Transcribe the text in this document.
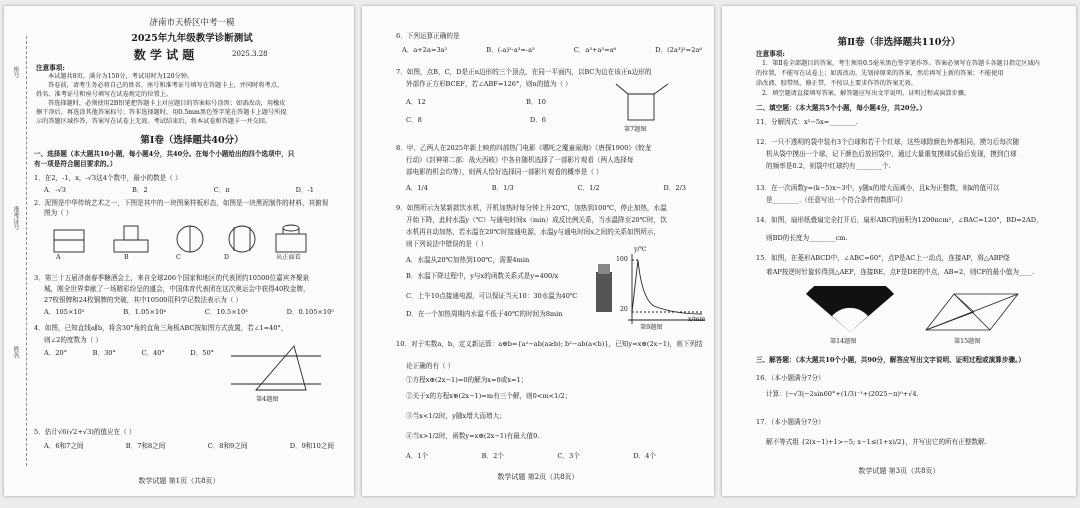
座号
准考证号
姓名
济南市天桥区中考一模
2025年九年级教学诊断测试
数 学 试 题	2025.3.28
注意事项:
本试题共8页，满分为150分，考试用时为120分钟。
答卷前，请考生务必将自己的姓名、座号和准考证号填写在答题卡上，并同时将考点、
姓名、准考证号和座号填写在试卷规定的位置上。
答选择题时，必须使用2B铅笔把答题卡上对应题目的答案标号涂黑；如需改动，用橡皮
擦干净后，再选涂其他答案标号；答非选择题时，用0.5mm黑色签字笔在答题卡上题号所提
示的答题区域作答，答案写在试卷上无效。考试结束后，将本试卷和答题卡一并交回。
第Ⅰ卷（选择题共40分）
一、选择题（本大题共10小题，每小题4分，共40分。在每个小题给出的四个选项中，只
有一项是符合题目要求的。）
1．在2，-1，x，-√3这4个数中，最小的数是（ ）
A．-√3	B．2	C．π	D．-1
2．泥图是中华传统艺术之一，下图是其中的一块图案样板形态，如图是一块黑泥制作的材料，其俯视
图为（ ）
A	B	C	D	从正面看
3．第三十五届济南春季糖酒会上，来自全球206个国家和地区的代表团约10500位嘉宾齐聚泉
城，刚全世界奉献了一场精彩纷呈的盛会，中国体育代表团在这次奥运会中获得40枚金牌，
27枚银牌和24枚铜牌的突破，其中10500用科学记数法表示为（ ）
A．105×10²	B．1.05×10⁴	C．10.5×10³	D．0.105×10⁵
4．如图，已知直线a∥b，将含30°角的直角三角板ABC按如图方式放置，若∠1=40°，
则∠2的度数为（ ）
A．20°	B．30°	C．40°	D．50°
第4题图
5．估计√6(√2+√3)的值应在（ ）
A．6和7之间	B．7和8之间	C．8和9之间	D．9和10之间
数学试题 第1页（共8页）
6．下列运算正确的是
A．a+2a=3a²	B．(-a)²·a³=-a⁵	C．a³+a³=a⁶	D．(2a³)²=2a⁶
7．如图，点B，C，D是正n边形的三个顶点，在同一平面内，以BC为边在该正n边形的
外部作正方形BCEF，若∠ABF=126°，则n的值为（ ）
A．12	B．10
C．8	D．6
第7题图
8．甲、乙两人在2025年新上映的四部热门电影《哪吒之魔童闹海》《唐探1900》《蛟龙
行动》《封神第二部：战火西岐》中各自随机选择了一部影片观看（两人选择每
部电影的机会均等），则两人恰好选择同一部影片观看的概率是（ ）
A．1/4	B．1/3	C．1/2	D．2/3
9．如图所示为某新款饮水机，开机加热时每分钟上升20℃，加热到100℃，停止加热，水温
开始下降，此时水温y（℃）与通电时间x（min）成反比例关系，当水温降至20℃时，饮
水机再自动加热，若水温在20℃时接通电源，水温y与通电时间x之间的关系如图所示，
则下列说法中错误的是（ ）
A．水温从20℃加热到100℃，需要4min
B．水温下降过程中，y与x的函数关系式是y=400/x
C．上午10点接通电源，可以保证当天10：30水温为40℃
D．在一个加热周期内水温不低于40℃的时间为8min
y/℃
x/min
100
20
第9题图
10．对于实数a，b，定义新运算：a⊕b={a²−ab(a≥b); b²−ab(a<b)}，已知y=x⊕(2x−1)，则下列结
论正确的有（ ）
①方程x⊕(2x−1)=0的解为x=0或x=1；
②关于x的方程x⊕(2x−1)=m有三个解，则0<m<1/2；
③当x<1/2时，y随x增大而增大；
④当x>1/2时，函数y=x⊕(2x−1)有最大值0.
A．1个	B．2个	C．3个	D．4个
数学试题 第2页（共8页）
第Ⅱ卷（非选择题共110分）
注意事项:
1．第Ⅱ卷全部题目的答案，考生须用0.5毫米黑色签字笔作答。答案必须写在答题卡各题目指定区域内
的位置，不能写在试卷上；如需改动，先划掉原来的答案，然后再写上新的答案；不能使用
涂改液、胶带纸、修正带，不按以上要求作答的答案无效。
2．填空题请直接填写答案，解答题应写出文字说明、证明过程或演算步骤。
二、填空题：（本大题共5个小题，每小题4分，共20分。）
11．分解因式：x²−5x=________.
12．一只不透明的袋中装有3个白球和若干个红球，这些球除颜色外都相同，摸匀后每次随
机从袋中摸出一个球，记下颜色后放回袋中，通过大量重复摸球试验后发现，摸到白球
的频率是0.2，则袋中红球约有________个.
13．在一次函数y=(k−5)x−3中，y随x的增大而减小，且k为正整数，则k的值可以
是________.（任意写出一个符合条件的数即可）
14．如图，扇形纸叠扇完全打开后，扇形ABC的面积为1200πcm²，∠BAC=120°，BD=2AD，
则BD的长度为________cm.
15．如图，在菱形ABCD中，∠ABC=60°，点P是AC上一动点，连接AP，将△ABP绕
着AP按逆时针旋转得到△AEP，连接BE，点F是DE的中点，AB=2，则CF的最小值为____.
第14题图	第15题图
三、解答题：（本大题共10个小题，共90分，解答应写出文字说明、证明过程或演算步骤。）
16．（本小题满分7分）
计算：|−√3|−2sin60°+(1/3)⁻¹+(2025−π)⁰+√4.
17．（本小题满分7分）
解不等式组 {2(x−1)+1>−5; x−1≤(1+x)/2}，并写出它的所有正整数解.
数学试题 第3页（共8页）
